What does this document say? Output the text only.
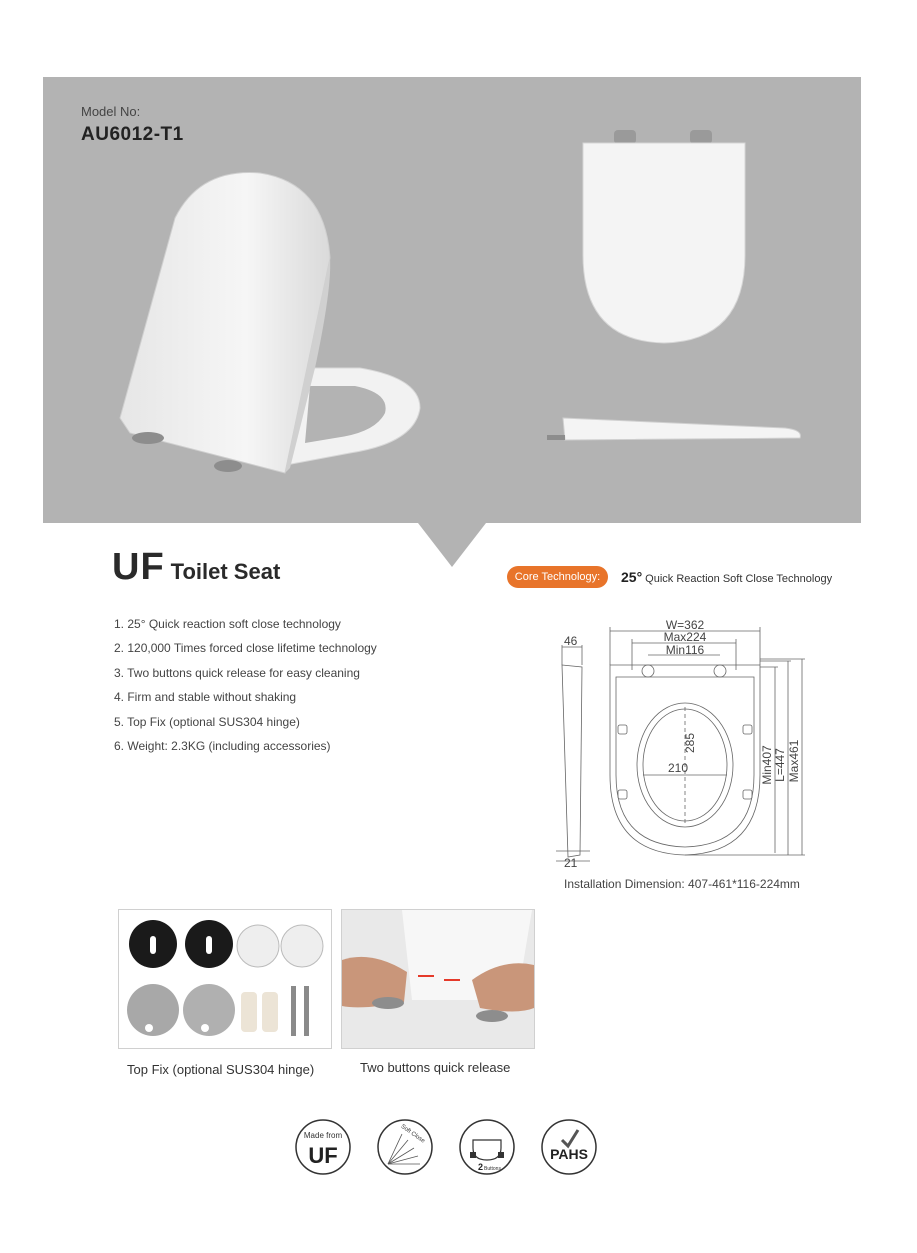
Model No:
AU6012-T1
UF Toilet Seat	Core Technology:	25° Quick Reaction Soft Close Technology
1. 25° Quick reaction soft close technology
2. 120,000 Times forced close lifetime technology
3. Two buttons quick release for easy cleaning
4. Firm and stable without shaking
5. Top Fix (optional SUS304 hinge)
6. Weight: 2.3KG (including accessories)
W=362
Max224
Min116
46
21
210
285
Min407 L=447 Max461
Installation Dimension: 407-461*116-224mm
Top Fix (optional SUS304 hinge)	Two buttons quick release
Made from
UF
Soft Close
2 Buttons
PAHS
